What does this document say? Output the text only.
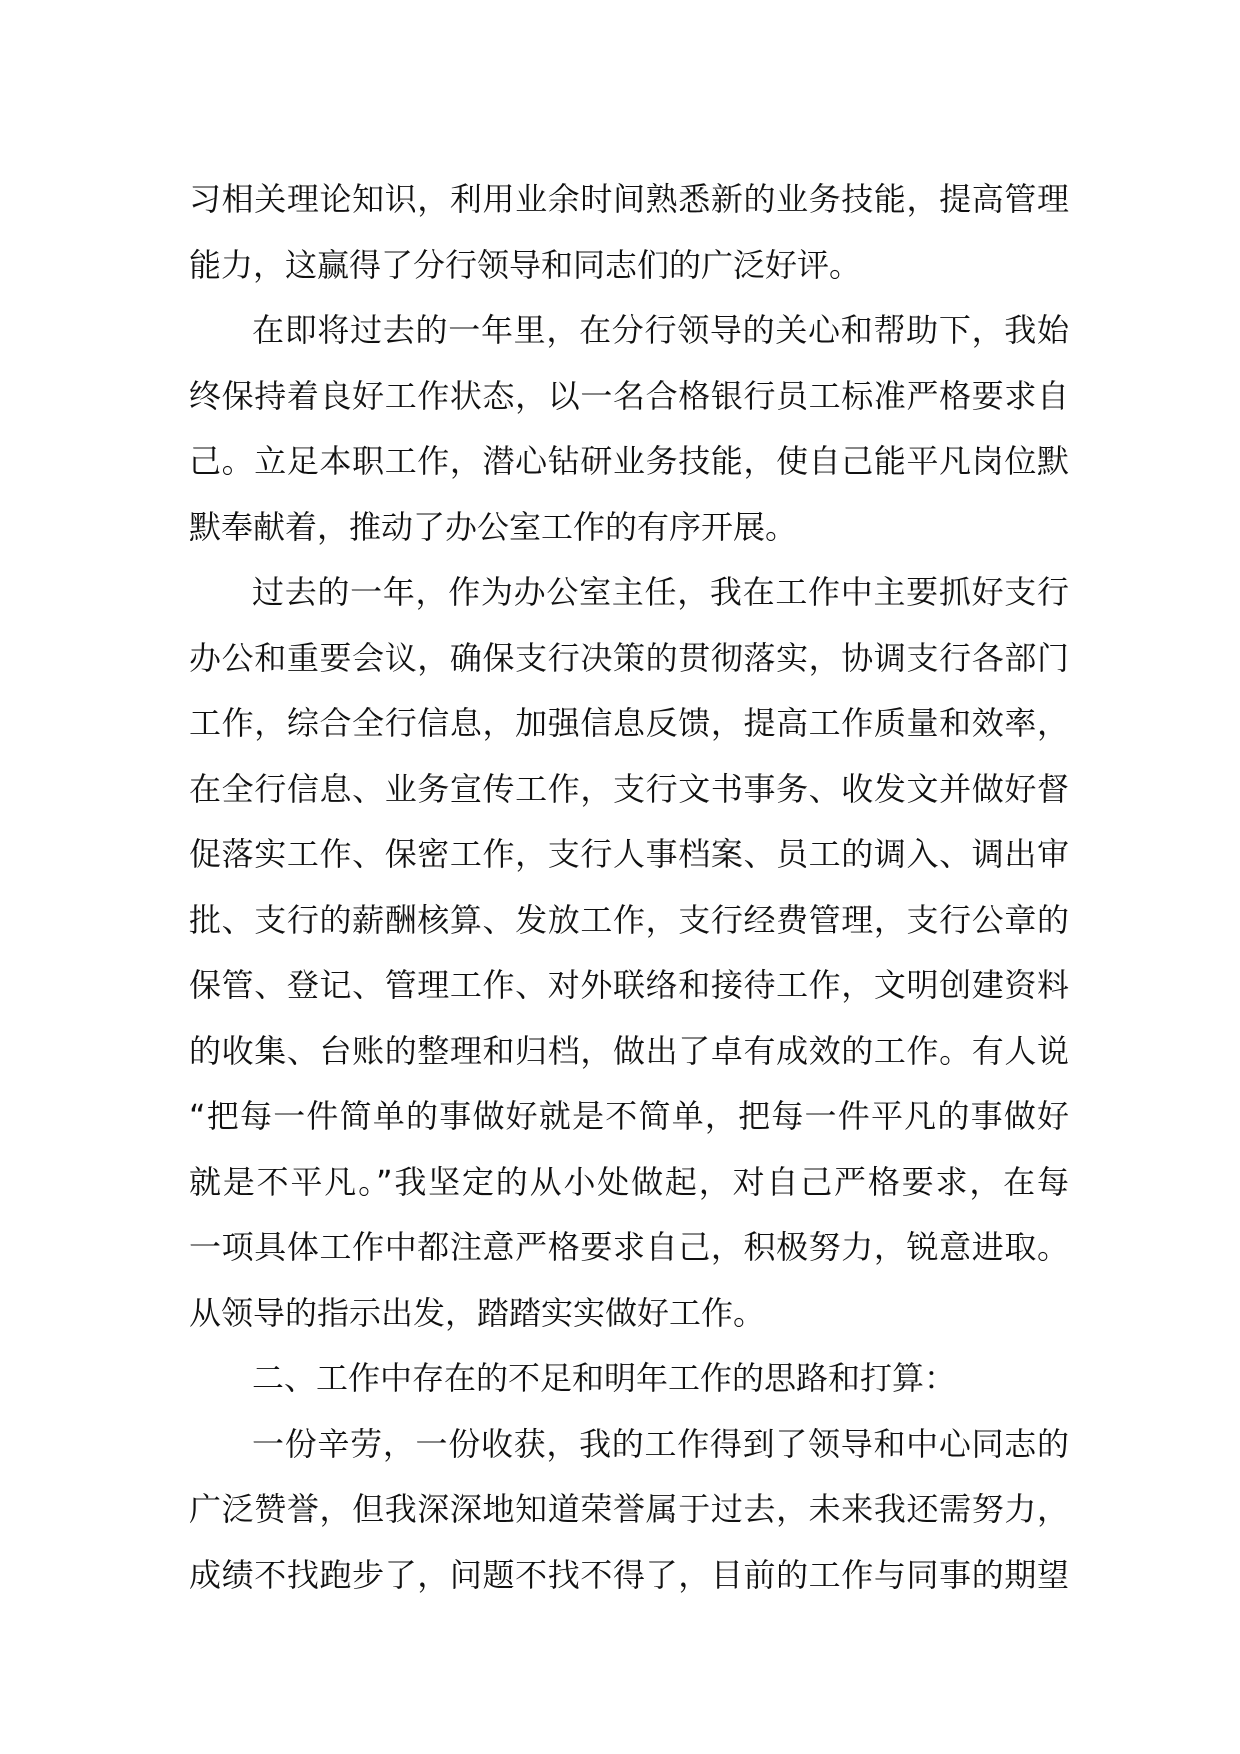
习相关理论知识，利用业余时间熟悉新的业务技能，提高管理
能力，这赢得了分行领导和同志们的广泛好评。
在即将过去的一年里，在分行领导的关心和帮助下，我始
终保持着良好工作状态，以一名合格银行员工标准严格要求自
己。立足本职工作，潜心钻研业务技能，使自己能平凡岗位默
默奉献着，推动了办公室工作的有序开展。
过去的一年，作为办公室主任，我在工作中主要抓好支行
办公和重要会议，确保支行决策的贯彻落实，协调支行各部门
工作，综合全行信息，加强信息反馈，提高工作质量和效率，
在全行信息、业务宣传工作，支行文书事务、收发文并做好督
促落实工作、保密工作，支行人事档案、员工的调入、调出审
批、支行的薪酬核算、发放工作，支行经费管理，支行公章的
保管、登记、管理工作、对外联络和接待工作，文明创建资料
的收集、台账的整理和归档，做出了卓有成效的工作。有人说
“把每一件简单的事做好就是不简单，把每一件平凡的事做好
就是不平凡。”我坚定的从小处做起，对自己严格要求，在每
一项具体工作中都注意严格要求自己，积极努力，锐意进取。
从领导的指示出发，踏踏实实做好工作。
二、工作中存在的不足和明年工作的思路和打算：
一份辛劳，一份收获，我的工作得到了领导和中心同志的
广泛赞誉，但我深深地知道荣誉属于过去，未来我还需努力，
成绩不找跑步了，问题不找不得了，目前的工作与同事的期望
